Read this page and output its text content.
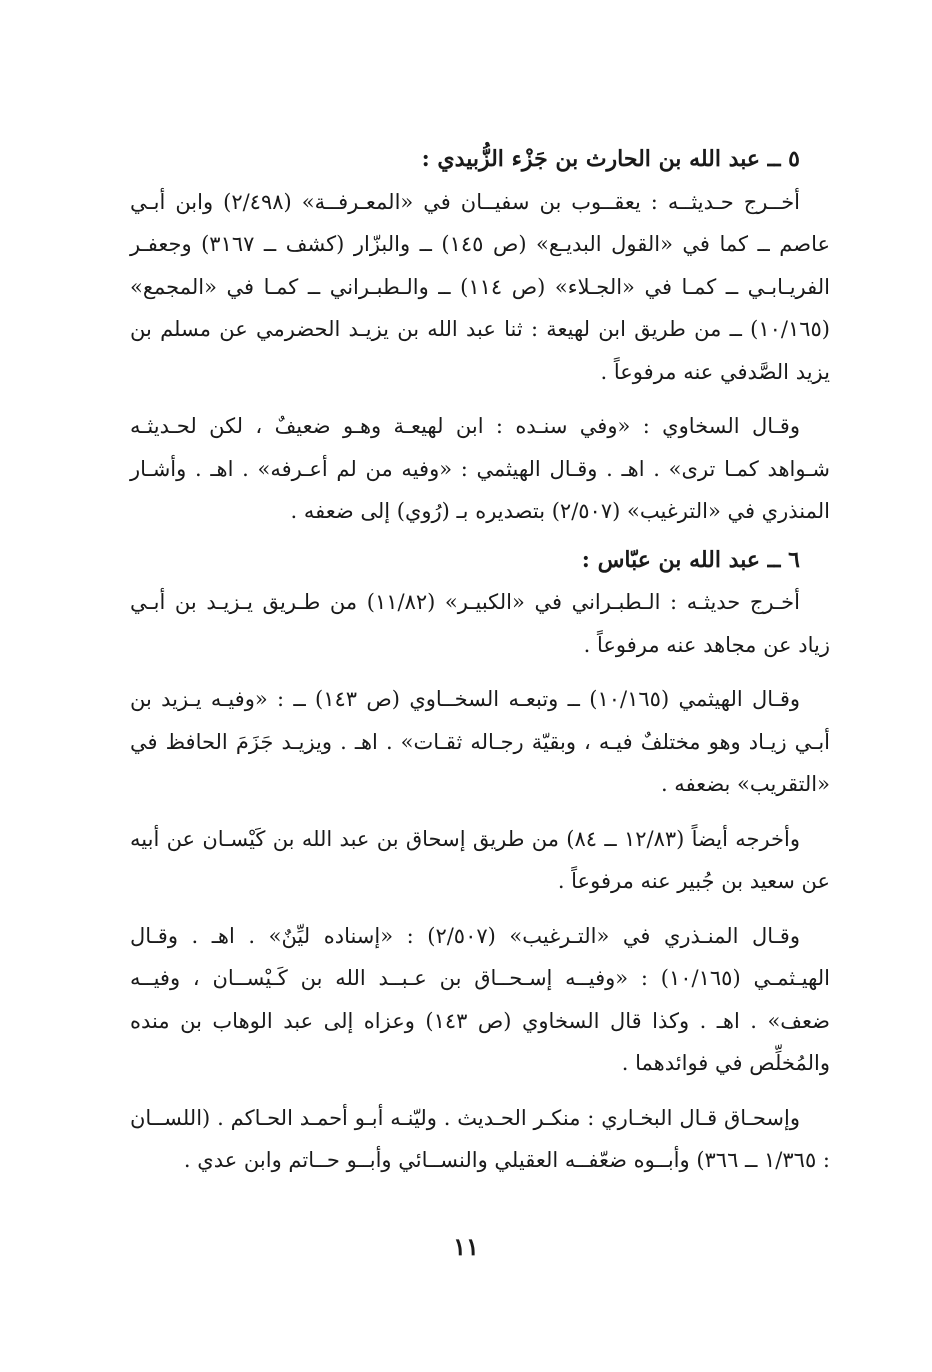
٥ ــ عبد الله بن الحارث بن جَزْء الزُّبيدي :

أخــرج حـديثــه : يعقــوب بن سفيــان في «المعـرفــة» (٢/٤٩٨) وابن أبـي عاصم ــ كما في «القول البديـع» (ص ١٤٥) ــ والبزّار (كشف ــ ٣١٦٧) وجعفـر الفريـابـي ــ كمـا في «الجـلاء» (ص ١١٤) ــ والـطبـراني ــ كمـا في «المجمع» (١٠/١٦٥) ــ من طريق ابن لهيعة : ثنا عبد الله بن يزيـد الحضرمي عن مسلم بن يزيد الصَّدفي عنه مرفوعاً .

وقـال السخاوي : «وفي سنـده : ابن لهيعـة وهـو ضعيفٌ ، لكن لحـديثـه شـواهد كمـا ترى» . اهـ . وقـال الهيثمي : «وفيه من لم أعـرفه» . اهـ . وأشـار المنذري في «الترغيب» (٢/٥٠٧) بتصديره بـ (رُوي) إلى ضعفه .

٦ ــ عبد الله بن عبّاس :

أخـرج حديثـه : الـطبـراني في «الكبيـر» (١١/٨٢) من طـريق يـزيـد بن أبـي زياد عن مجاهد عنه مرفوعاً .

وقـال الهيثمي (١٠/١٦٥) ــ وتبعـه السخــاوي (ص ١٤٣) ــ : «وفيـه يـزيد بن أبـي زيـاد وهو مختلفٌ فيـه ، وبقيّة رجـاله ثقـات» . اهـ . ويزيـد جَزَمَ الحافظ في «التقريب» بضعفه .

وأخرجه أيضاً (١٢/٨٣ ــ ٨٤) من طريق إسحاق بن عبد الله بن كَيْسـان عن أبيه عن سعيد بن جُبير عنه مرفوعاً .

وقـال المنـذري في «التـرغيب» (٢/٥٠٧) : «إسناده ليِّنٌ» . اهـ . وقـال الهيـثمـي (١٠/١٦٥) : «وفيــه إسـحــاق بن عـبــد الله بن كَـيْســان ، وفيــه ضعف» . اهـ . وكذا قال السخاوي (ص ١٤٣) وعزاه إلى عبد الوهاب بن منده والمُخلِّص في فوائدهما .

وإسحـاق قـال البخـاري : منكـر الحـديث . وليّنـه أبـو أحمـد الحـاكم . (اللســان : ١/٣٦٥ ــ ٣٦٦) وأبــوه ضعّفــه العقيلي والنســائي وأبــو حــاتم وابن عدي .

١١
